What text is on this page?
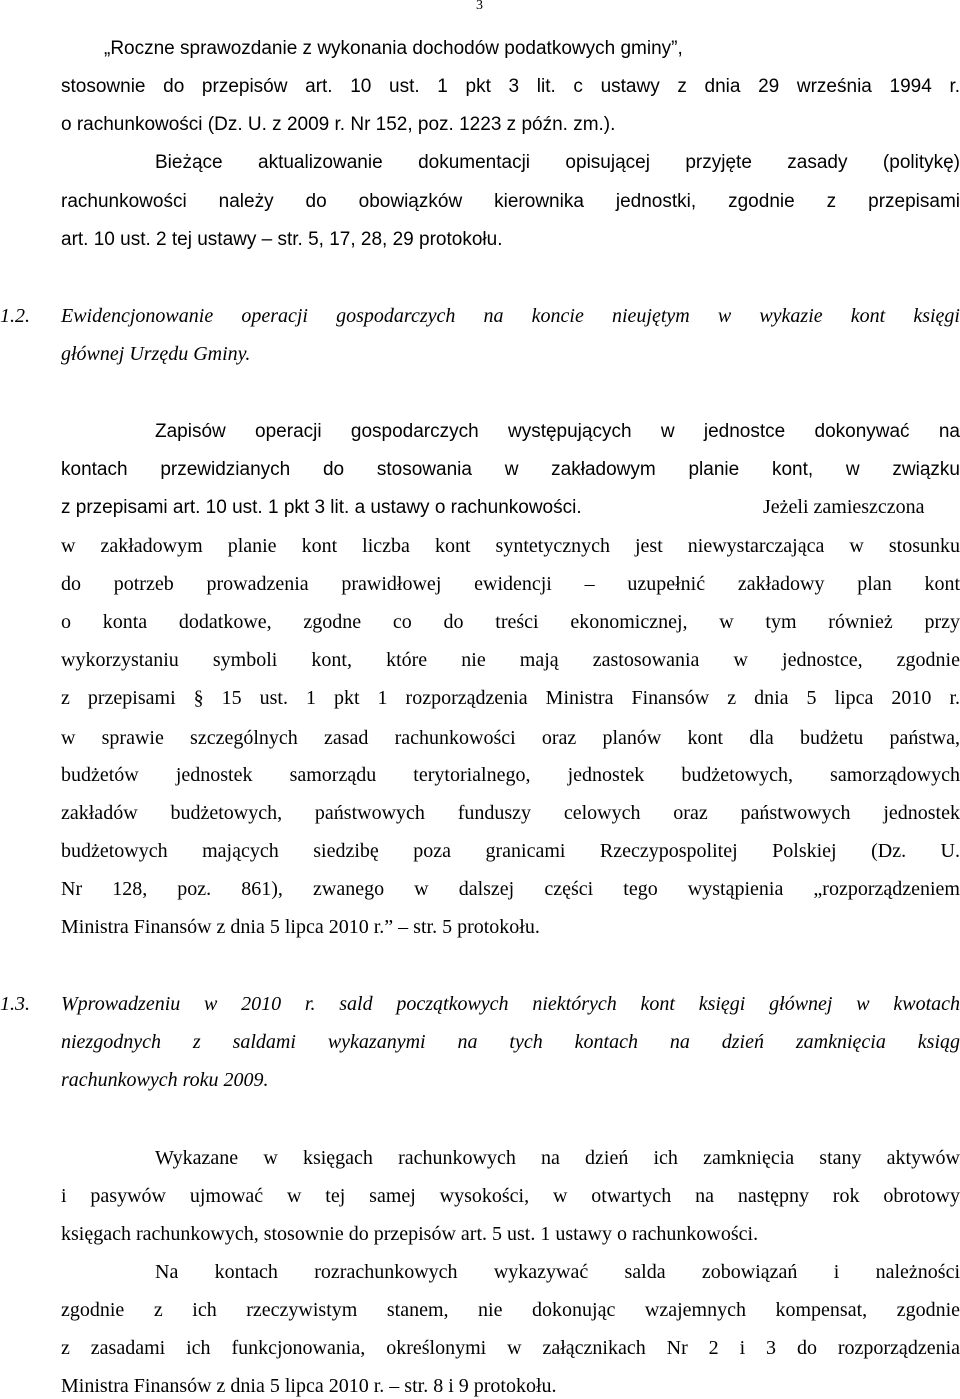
3
„Roczne sprawozdanie z wykonania dochodów podatkowych gminy”,
stosownie do przepisów art. 10 ust. 1 pkt 3 lit. c ustawy z dnia 29 września 1994 r.
o rachunkowości (Dz. U. z 2009 r. Nr 152, poz. 1223 z późn. zm.).
Bieżące aktualizowanie dokumentacji opisującej przyjęte zasady (politykę)
rachunkowości należy do obowiązków kierownika jednostki, zgodnie z przepisami
art. 10 ust. 2 tej ustawy – str. 5, 17, 28, 29 protokołu.
1.2. Ewidencjonowanie operacji gospodarczych na koncie nieujętym w wykazie kont księgi
głównej Urzędu Gminy.
Zapisów operacji gospodarczych występujących w jednostce dokonywać na
kontach przewidzianych do stosowania w zakładowym planie kont, w związku
z przepisami art. 10 ust. 1 pkt 3 lit. a ustawy o rachunkowości.	Jeżeli zamieszczona
w zakładowym planie kont liczba kont syntetycznych jest niewystarczająca w stosunku
do potrzeb prowadzenia prawidłowej ewidencji – uzupełnić zakładowy plan kont
o konta dodatkowe, zgodne co do treści ekonomicznej, w tym również przy
wykorzystaniu symboli kont, które nie mają zastosowania w jednostce, zgodnie
z przepisami § 15 ust. 1 pkt 1 rozporządzenia Ministra Finansów z dnia 5 lipca 2010 r.
w sprawie szczególnych zasad rachunkowości oraz planów kont dla budżetu państwa,
budżetów jednostek samorządu terytorialnego, jednostek budżetowych, samorządowych
zakładów budżetowych, państwowych funduszy celowych oraz państwowych jednostek
budżetowych mających siedzibę poza granicami Rzeczypospolitej Polskiej (Dz. U.
Nr 128, poz. 861), zwanego w dalszej części tego wystąpienia „rozporządzeniem
Ministra Finansów z dnia 5 lipca 2010 r.” – str. 5 protokołu.
1.3. Wprowadzeniu w 2010 r. sald początkowych niektórych kont księgi głównej w kwotach
niezgodnych z saldami wykazanymi na tych kontach na dzień zamknięcia ksiąg
rachunkowych roku 2009.
Wykazane w księgach rachunkowych na dzień ich zamknięcia stany aktywów
i pasywów ujmować w tej samej wysokości, w otwartych na następny rok obrotowy
księgach rachunkowych, stosownie do przepisów art. 5 ust. 1 ustawy o rachunkowości.
Na kontach rozrachunkowych wykazywać salda zobowiązań i należności
zgodnie z ich rzeczywistym stanem, nie dokonując wzajemnych kompensat, zgodnie
z zasadami ich funkcjonowania, określonymi w załącznikach Nr 2 i 3 do rozporządzenia
Ministra Finansów z dnia 5 lipca 2010 r. – str. 8 i 9 protokołu.
